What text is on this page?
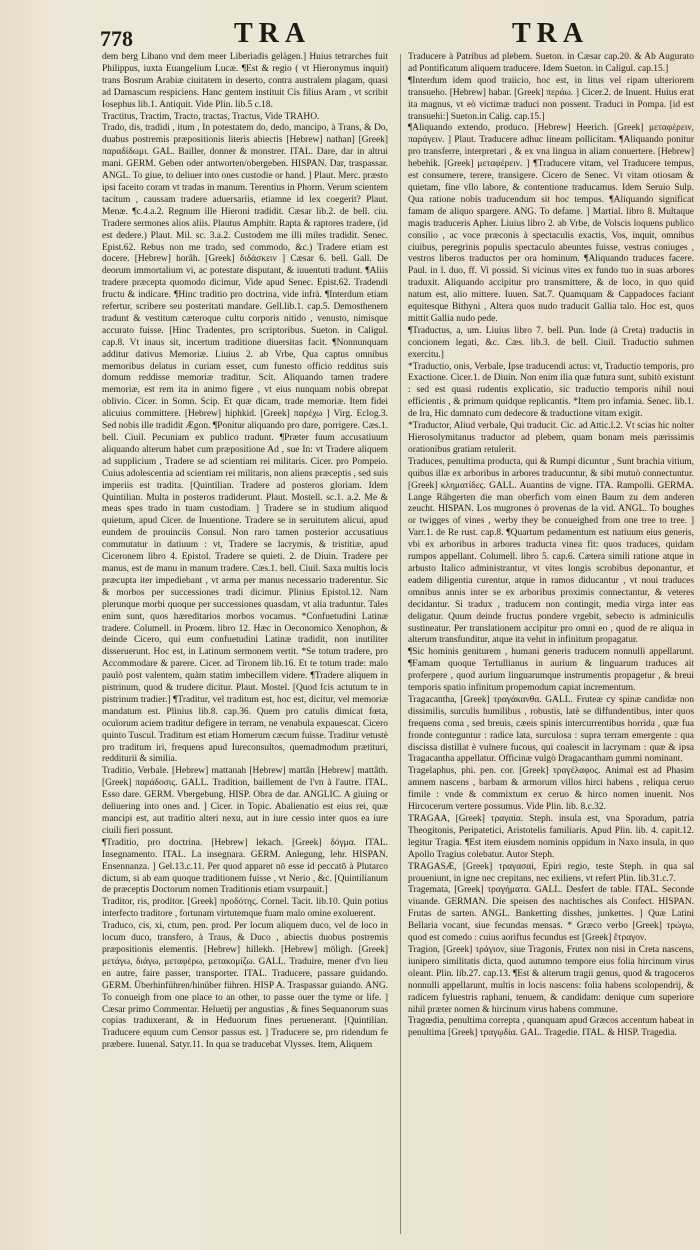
778	TRA	TRA

dem berg Libano vnd dem meer Liberiadis gelägen.] Huius tetrarches fuit Philippus, iuxta Euangelium Lucæ. ¶Est & regio ( vt Hieronymus inquit) trans Bosrum Arabiæ ciuitatem in deserto, contra australem plagam, quasi ad Damascum respiciens. Hanc gentem instituit Cis filius Aram , vt scribit Iosephus lib.1. Antiquit. Vide Plin. lib.5 c.18.

Tractitus, Tractim, Tracto, tractas, Tractus, Vide TRAHO.

Trado, dis, tradidi , itum , In potestatem do, dedo, mancipo, à Trans, & Do, duabus postremis præpositionis literis abiectis [Hebrew] nathan] [Greek] παραδίδωμι. GAL. Bailler, donner & monstrer. ITAL. Dare, dar in altrui mani. GERM. Geben oder antworten/obergeben. HISPAN. Dar, traspassar. ANGL. To giue, to deliuer into ones custodie or hand. ] Plaut. Merc. præsto ipsi faceito coram vt tradas in manum. Terentius in Phorm. Verum scientem tacitum , caussam tradere aduersariis, etiamne id lex coegerit? Plaut. Menæ. ¶c.4.a.2. Regnum ille Hieroni tradidit. Cæsar lib.2. de bell. ciu. Tradere sermones alios aliis. Plautus Amphitr. Rapta & raptores tradere, (id est dedere.) Plaut. Mil. sc. 3.a.2. Custodem me illi miles tradidit. Senec. Epist.62. Rebus non me trado, sed commodo, &c.) Tradere etiam est docere. [Hebrew] horâh. [Greek] διδάσκειν ] Cæsar 6. bell. Gall. De deorum immortalium vi, ac potestate disputant, & iuuentuti tradunt. ¶Aliis tradere præcepta quomodo dicimur, Vide apud Senec. Epist.62. Tradendi fructu & indicare. ¶Hinc traditio pro doctrina, vide infrà. ¶Interdum etiam refertur, scribere seu posteritati mandare. Gell.lib.1. cap.5. Demosthenem tradunt & vestitum cæteroque cultu corporis nitido , venusto, nimisque accurato fuisse. [Hinc Tradentes, pro scriptoribus. Sueton. in Caligul. cap.8. Vt inaus sit, incertum traditione diuersitas facit. ¶Nonnunquam additur dativus Memoriæ. Liuius 2. ab Vrbe, Qua captus omnibus memoribus delatus in curiam esset, cum funesto officio redditus suis domum reddisse memoriæ traditur. Scit. Aliquando tamen tradere memoriæ, est rem ita in animo figere , vt eius nunquam nobis obrepat oblivio. Cicer. in Somn. Scip. Et quæ dicam, trade memoriæ. Item fidei alicuius committere. [Hebrew] hiphkid. [Greek] παρέχω ] Virg. Eclog.3. Sed nobis ille tradidit Ægon. ¶Ponitur aliquando pro dare, porrigere. Cæs.1. bell. Ciuil. Pecuniam ex publico tradunt. ¶Præter fuum accusatiuum aliquando alterum habet cum præpositione Ad , sue In: vt Tradere aliquem ad supplicium , Tradere se ad scientiam rei militaris. Cicer. pro Pompeio. Cuius adolescentia ad scientiam rei militaris, non aliens præceptis , sed suis imperiis est tradita. [Quintilian. Tradere ad posteros gloriam. Idem Quintilian. Multa in posteros tradiderunt. Plaut. Mostell. sc.1. a.2. Me & meas spes trado in tuam custodiam. ] Tradere se in studium aliquod quietum, apud Cicer. de Inuentione. Tradere se in seruitutem alicui, apud eundem de prouinciis Consul. Non raro tamen posterior accusatiuus commutatur in datiuum : vt, Tradere se lacrymis, & tristitiæ, apud Ciceronem libro 4. Epistol. Tradere se quieti. 2. de Diuin. Tradere per manus, est de manu in manum tradere. Cæs.1. bell. Ciuil. Saxa multis locis præcupta iter impediebant , vt arma per manus necessario traderentur. Sic & morbos per successiones tradi dicimur. Plinius Epistol.12. Nam plerunque morbi quoque per successiones quasdam, vt alia traduntur. Tales enim sunt, quos hæreditarios morbos vocamus. *Confuetudini Latinæ tradere. Columell. in Proœm. libro 12. Hæc in Oeconomico Xenophon, & deinde Cicero, qui eum confuetudini Latinæ tradidit, non inutiliter disseruerunt. Hoc est, in Latinum sermonem vertit. *Se totum tradere, pro Accommodare & parere. Cicer. ad Tironem lib.16. Et te totum trade: malo paulò post valentem, quàm statim imbecillem videre. ¶Tradere aliquem in pistrinum, quod & trudere dicitur. Plaut. Mostel. [Quod fcis actutum te in pistrinum tradier.] ¶Traditur, vel traditum est, hoc est, dicitur, vel memoriæ mandatum est. Plinius lib.8. cap.36. Quem pro catulis dimicat fœta, oculorum aciem traditur defigere in terram, ne venabula expauescat. Cicero quinto Tuscul. Traditum est etiam Homerum cæcum fuisse. Traditur vetustè pro traditum iri, frequens apud Iureconsultos, quemadmodum prætituri, redditurii & similia.

Traditio, Verbale. [Hebrew] mattanah [Hebrew] mattân [Hebrew] mattâth. [Greek] παράδοσις. GALL. Tradition, baillement de l'vn à l'autre. ITAL. Esso dare. GERM. Vbergebung. HISP. Obra de dar. ANGLIC. A giuing or deliuering into ones and. ] Cicer. in Topic. Abalienatio est eius rei, quæ mancipi est, aut traditio alteri nexu, aut in iure cessio inter quos ea iure ciuili fieri possunt.

¶Traditio, pro doctrina. [Hebrew] lekach. [Greek] δόγμα. ITAL. Insegnamento. ITAL. La insegnara. GERM. Anlegung, lehr. HISPAN. Ensennanza. ] Gel.13.c.11. Per quod apparet nō esse id peccatō à Plutarco dictum, si ab eam quoque traditionem fuisse , vt Nerio , &c. [Quintilianum de præceptis Doctorum nomen Traditionis etiam vsurpauit.]

Traditor, ris, proditor. [Greek] προδότης. Cornel. Tacit. lib.10. Quin potius interfecto traditore , fortunam virtutemque fuam malo omine exoluerent.

Traduco, cis, xi, ctum, pen. prod. Per locum aliquem duco, vel de loco in locum duco, transfero, à Traus, & Duco , abiectis duobus postremis præpositionis elementis. [Hebrew] hillekh. [Hebrew] mōligh. [Greek] μετάγω, διάγω, μεταφέρω, μετακομίζω. GALL. Traduire, mener d'vn lieu en autre, faire passer, transporter. ITAL. Traducere, passare guidando. GERM. Überhinführen/hinüber führen. HISP A. Traspassar guiando. ANG. To conueigh from one place to an other, to passe ouer the tyme or life. ] Cæsar primo Commentar. Heluetij per angustias , & fines Sequanorum suas copias traduxerant, & in Heduorum fines peruenerant. [Quintilian. Traducere equum cum Censor passus est. ] Traducere se, pro ridendum fe præbere. Iuuenal. Satyr.11. In qua se traducebat Vlysses. Item, Aliquem

Traducere à Patribus ad plebem. Sueton. in Cæsar cap.20. & Ab Augurato ad Pontificatum aliquem traducere. Idem Sueton. in Caligul. cap.15.]

¶Interdum idem quod traiicio, hoc est, in litus vel ripam ulteriorem transueho. [Hebrew] habar. [Greek] περάω. ] Cicer.2. de Inuent. Huius erat ita magnus, vt eò victimæ traduci non possent. Traduci in Pompa. [id est transuehi:] Sueton.in Calig. cap.15.]

¶Aliquando extendo, produco. [Hebrew] Heerich. [Greek] μεταφέρειν, παράγειν. ] Plaut. Traducere adhuc lineam pollicitam. ¶Aliquando ponitur pro transferre, interpretari , & ex vna lingua in aliam conuertere. [Hebrew] hebehik. [Greek] μεταφέρειν. ] ¶Traducere vitam, vel Traducere tempus, est consumere, terere, transigere. Cicero de Senec. Vt vitam otiosam & quietam, fine vllo labore, & contentione traducamus. Idem Seruio Sulp. Qua ratione nobis traducendum sit hoc tempus. ¶Aliquando significat famam de aliquo spargere. ANG. To defame. ] Martial. libro 8. Multaque magis traduceris Apher. Liuius libro 2. ab Vrbe, de Volscis loquens publico consilio , ac voce præconis à spectaculis exactis, Vos, inquit, omnibus ciuibus, peregrinis populis spectaculo abeuntes fuisse, vestras coniuges , vestros liberos traductos per ora hominum. ¶Aliquando traduces facere. Paul. in l. duo, ff. Vi possid. Si vicinus vites ex fundo tuo in suas arbores traduxit. Aliquando accipitur pro transmittere, & de loco, in quo quid natum est, alio mittere. Iuuen. Sat.7. Quamquam & Cappadoces faciant equitesque Bithyni , Altera quos nudo traducit Gallia talo. Hoc est, quos mittit Gallia nudo pede.

¶Traductus, a, um. Liuius libro 7. bell. Pun. Inde (à Creta) traductis in concionem legati, &c. Cæs. lib.3. de bell. Ciuil. Traductio suhmen exercitu.]

*Traductio, onis, Verbale, Ipse traducendi actus: vt, Traductio temporis, pro Exactione. Cicer.1. de Diuin. Non enim ilia quæ futura sunt, subitò existunt : sed est quasi rudentis explicatio, sic traductio temporis nihil noui efficientis , & primum quidque replicantis. *Item pro infamia. Senec. lib.1. de Ira, Hic damnato cum dedecore & traductione vitam exigit.

*Traductor, Aliud verbale, Qui traducit. Cic. ad Attic.l.2. Vt scias hic nolter Hierosolymitanus traductor ad plebem, quam bonam meis pærissimis orationibus gratiam retulerit.

Traduces, penultima producta, qui & Rumpi dicuntur , Sunt brachia vitium, quibus illæ ex arboribus in arbores traducuntur, & sibi mutuò connectuntur. [Greek] κληματίδες. GALL. Auantins de vigne. ITA. Rampolli. GERMA. Lange Räbgerten die man oberfich vom einen Baum zu dem anderen zeucht. HISPAN. Los mugrones ò provenas de la vid. ANGL. To boughes or twigges of vines , werby they be conueighed from one tree to tree. ] Varr.1. de Re rust. cap.8. ¶Quartum pedamentum est natiuum eius generis, vbi ex arboribus in arbores traducta vinea fit: quos traduces, quidam rumpos appellant. Columell. libro 5. cap.6. Cætera simili ratione atque in arbusto Italico administrantur, vt vites longis scrobibus deponantur, et eadem diligentia curentur, atque in ramos diducantur , vt noui traduces omnibus annis inter se ex arboribus proximis connectantur, & veteres decidantur. Si tradux , traducem non contingit, media virga inter eas deligatur. Quum deinde fructus pondere vrgebit, sebecto is adminiculis sustineatur. Per translationem accipitur pro omni eo , quod de re aliqua in alterum transfunditur, atque ita velut in infinitum propagatur.

¶Sic hominis geniturem , humani generis traducem nonnulli appellarunt. ¶Famam quoque Tertullianus in aurium & linguarum traduces ait proferpere , quod aurium linguarumque instrumentis propagetur , & breui temporis spatio infinitum propemodum capiat incrementum.

Tragacantha, [Greek] τραγάκανθα. GALL. Fruteæ cy spinæ candidæ non dissimilis, surculis humilibus , robustis, latè se diffundentibus, inter quos frequens coma , sed breuis, cæeis spinis intercurrentibus horrida , quæ fua fronde conteguntur : radice lata, surculosa : supra terram emergente : qua discissa distillat è vulnere fucous, qui coalescit in lacrymam : quæ & ipsa Tragacantha appellatur. Officinæ vulgò Dragacantham gummi nominant.

Tragelaphus, phi. pen. cor. [Greek] τραγέλαφος. Animal est ad Phasim amnem nascens , barbam & armorum villos hirci habens , reliqua ceruo fimile : vnde & commixtum ex ceruo & hirco nomen inuenit. Nos Hircocerum vertere possumus. Vide Plin. lib. 8.c.32.

TRAGAA, [Greek] τραγαία. Steph. insula est, vna Sporadum, patria Theogitonis, Peripatetici, Aristotelis familiaris. Apud Plin. lib. 4. capit.12. legitur Tragia. ¶Est item eiusdem nominis oppidum in Naxo insula, in quo Apollo Tragius colebatur. Autor Steph.

TRAGASÆ, [Greek] τραγασαί, Epiri regio, teste Steph. in qua sal proueniunt, in igne nec crepitans, nec exiliens, vt refert Plin. lib.31.c.7.

Tragemata, [Greek] τραγήματα. GALL. Desfert de table. ITAL. Seconde viuande. GERMAN. Die speisen des nachtisches als Confect. HISPAN. Frutas de sarten. ANGL. Banketting disshes, junkettes. ] Quæ Latini Bellaria vocant, siue fecundas mensas. * Græco verbo [Greek] τρώγω, quod est comedo : cuius aoriftus fecundus est [Greek] ἔτραγον.

Tragion, [Greek] τράγιον, siue Tragonis, Frutex non nisi in Creta nascens, iunipero similitatis dicta, quod autumno tempore eius folia hircinum virus oleant. Plin. lib.27. cap.13. ¶Est & alterum tragii genus, quod & tragoceros nonnulli appellarunt, multis in locis nascens: folia habens scolopendrij, & radicem fyluestris raphani, tenuem, & candidam: denique cum superiore nihil præter nomen & hircinum virus habens commune.

Tragœdia, penultima correpta , quanquam apud Græcos accentum habeat in penultima [Greek] τραγῳδία. GAL. Tragedie. ITAL. & HISP. Tragedia.
